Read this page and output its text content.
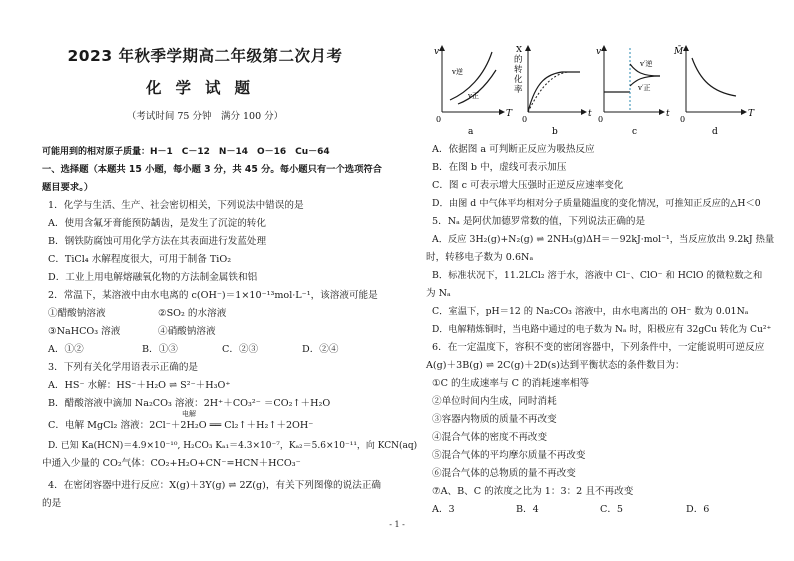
2023 年秋季学期高二年级第二次月考
化学试题
（考试时间 75 分钟　满分 100 分）
可能用到的相对原子质量：H－1　C－12　N－14　O－16　Cu－64
一、选择题（本题共 15 小题，每小题 3 分，共 45 分。每小题只有一个选项符合
题目要求。）
1．化学与生活、生产、社会密切相关，下列说法中错误的是
A．使用含氟牙膏能预防龋齿，是发生了沉淀的转化
B．钢铁防腐蚀可用化学方法在其表面进行发蓝处理
C．TiCl₄ 水解程度很大，可用于制备 TiO₂
D．工业上用电解熔融氧化物的方法制金属铁和铝
2．常温下，某溶液中由水电离的 c(OH⁻)＝1×10⁻¹³mol·L⁻¹，该溶液可能是
①醋酸钠溶液	②SO₂ 的水溶液
③NaHCO₃ 溶液	④硝酸钠溶液
A．①②	B．①③	C．②③	D．②④
3．下列有关化学用语表示正确的是
A．HS⁻ 水解：HS⁻＋H₂O ⇌ S²⁻＋H₃O⁺
B．醋酸溶液中滴加 Na₂CO₃ 溶液：2H⁺＋CO₃²⁻ ＝CO₂↑＋H₂O
电解
C．电解 MgCl₂ 溶液：2Cl⁻＋2H₂O ══ Cl₂↑＋H₂↑＋2OH⁻
D. 已知 Ka(HCN)＝4.9×10⁻¹⁰, H₂CO₃ Kₐ₁＝4.3×10⁻⁷，Kₐ₂＝5.6×10⁻¹¹，向 KCN(aq)
中通入少量的 CO₂气体：CO₂+H₂O+CN⁻=HCN＋HCO₃⁻
4．在密闭容器中进行反应：X(g)＋3Y(g) ⇌ 2Z(g)，有关下列图像的说法正确
的是
v
T
0
v逆
v正
a
X 的 转 化 率
t
0
b
v
t
0
v′逆
v′正
c
M̄
T
0
d
A．依据图 a 可判断正反应为吸热反应
B．在图 b 中，虚线可表示加压
C．图 c 可表示增大压强时正逆反应速率变化
D．由图 d 中气体平均相对分子质量随温度的变化情况，可推知正反应的△H＜0
5．Nₐ 是阿伏加德罗常数的值，下列说法正确的是
A．反应 3H₂(g)+N₂(g) ⇌ 2NH₃(g)ΔH＝－92kJ·mol⁻¹，当反应放出 9.2kJ 热量
时，转移电子数为 0.6Nₐ
B．标准状况下，11.2LCl₂ 溶于水，溶液中 Cl⁻、ClO⁻ 和 HClO 的微粒数之和
为 Nₐ
C．室温下，pH＝12 的 Na₂CO₃ 溶液中，由水电离出的 OH⁻ 数为 0.01Nₐ
D．电解精炼铜时，当电路中通过的电子数为 Nₐ 时，阳极应有 32gCu 转化为 Cu²⁺
6．在一定温度下，容积不变的密闭容器中，下列条件中，一定能说明可逆反应
A(g)＋3B(g) ⇌ 2C(g)＋2D(s)达到平衡状态的条件数目为：
①C 的生成速率与 C 的消耗速率相等
②单位时间内生成，同时消耗
③容器内物质的质量不再改变
④混合气体的密度不再改变
⑤混合气体的平均摩尔质量不再改变
⑥混合气体的总物质的量不再改变
⑦A、B、C 的浓度之比为 1：3：2 且不再改变
A．3	B．4	C．5	D．6
- 1 -
